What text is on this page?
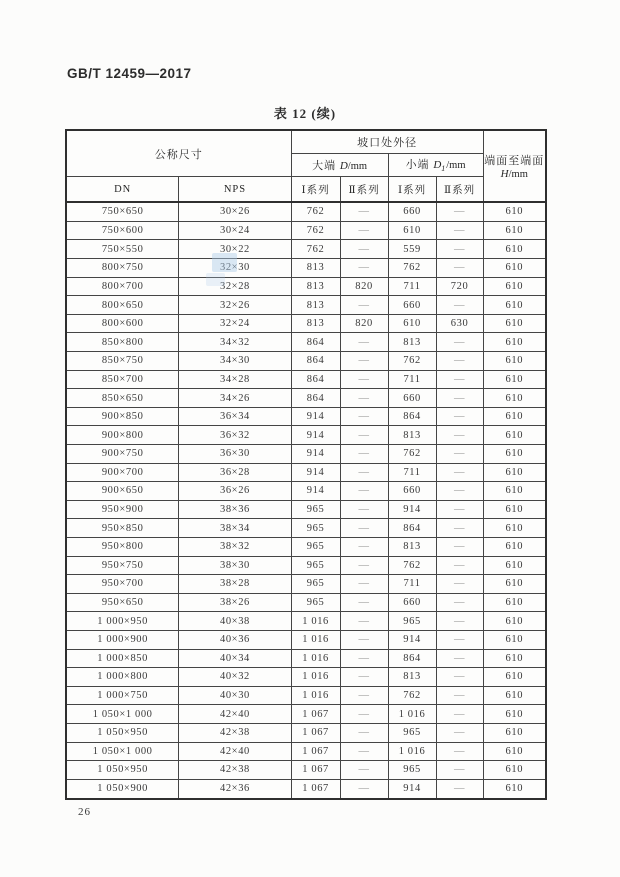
GB/T 12459—2017
表 12 (续)
公称尺寸		坡口处外径				端面至端面
H/mm
		大端 D/mm		小端 $D_1/mm$		
DN	NPS	Ⅰ系列	Ⅱ系列	Ⅰ系列	Ⅱ系列	
750×650	30×26	762	—	660	—	610
750×600	30×24	762	—	610	—	610
750×550	30×22	762	—	559	—	610
800×750	32×30	813	—	762	—	610
800×700	32×28	813	820	711	720	610
800×650	32×26	813	—	660	—	610
800×600	32×24	813	820	610	630	610
850×800	34×32	864	—	813	—	610
850×750	34×30	864	—	762	—	610
850×700	34×28	864	—	711	—	610
850×650	34×26	864	—	660	—	610
900×850	36×34	914	—	864	—	610
900×800	36×32	914	—	813	—	610
900×750	36×30	914	—	762	—	610
900×700	36×28	914	—	711	—	610
900×650	36×26	914	—	660	—	610
950×900	38×36	965	—	914	—	610
950×850	38×34	965	—	864	—	610
950×800	38×32	965	—	813	—	610
950×750	38×30	965	—	762	—	610
950×700	38×28	965	—	711	—	610
950×650	38×26	965	—	660	—	610
1 000×950	40×38	1 016	—	965	—	610
1 000×900	40×36	1 016	—	914	—	610
1 000×850	40×34	1 016	—	864	—	610
1 000×800	40×32	1 016	—	813	—	610
1 000×750	40×30	1 016	—	762	—	610
1 050×1 000	42×40	1 067	—	1 016	—	610
1 050×950	42×38	1 067	—	965	—	610
1 050×1 000	42×40	1 067	—	1 016	—	610
1 050×950	42×38	1 067	—	965	—	610
1 050×900	42×36	1 067	—	914	—	610
26
